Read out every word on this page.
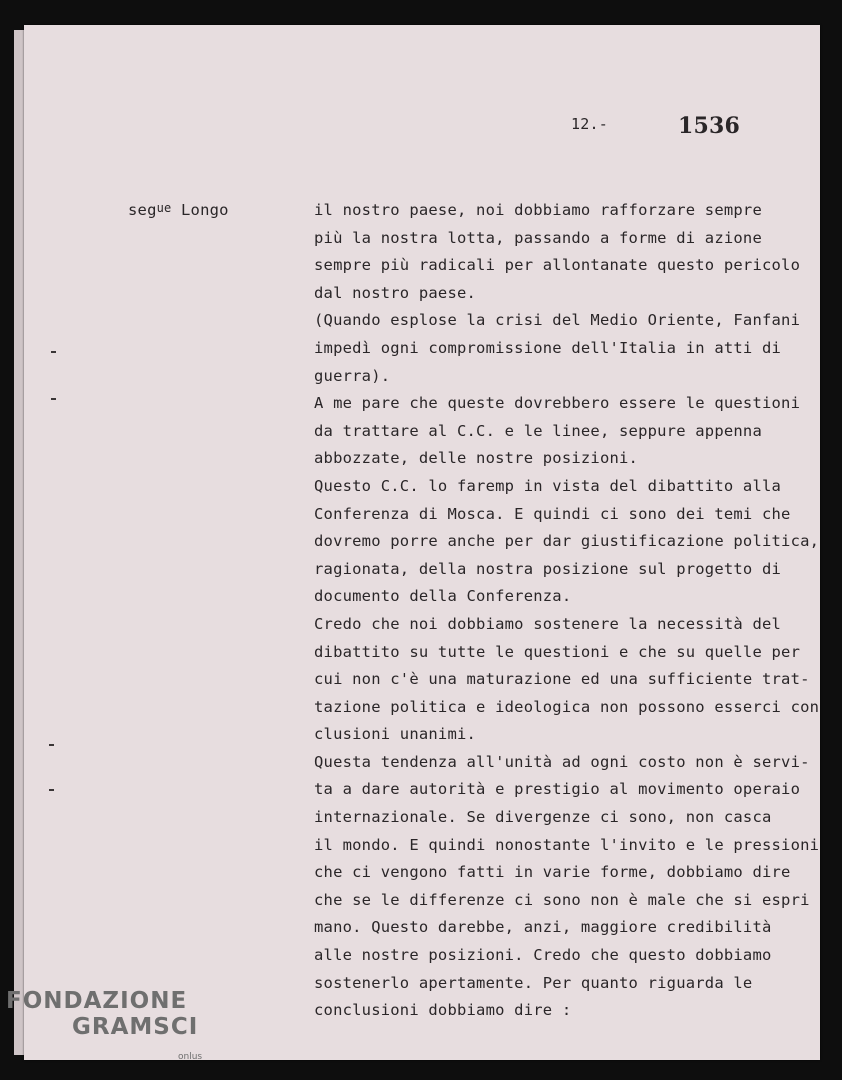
12.-	1536
segue Longo	il nostro paese, noi dobbiamo rafforzare sempre
più la nostra lotta, passando a forme di azione
sempre più radicali per allontanate questo pericolo
dal nostro paese.
(Quando esplose la crisi del Medio Oriente, Fanfani
impedì ogni compromissione dell'Italia in atti di
guerra).
A me pare che queste dovrebbero essere le questioni
da trattare al C.C. e le linee, seppure appenna
abbozzate, delle nostre posizioni.
Questo C.C. lo faremp in vista del dibattito alla
Conferenza di Mosca. E quindi ci sono dei temi che
dovremo porre anche per dar giustificazione politica,
ragionata, della nostra posizione sul progetto di
documento della Conferenza.
Credo che noi dobbiamo sostenere la necessità del
dibattito su tutte le questioni e che su quelle per
cui non c'è una maturazione ed una sufficiente trat-
tazione politica e ideologica non possono esserci con
clusioni unanimi.
Questa tendenza all'unità ad ogni costo non è servi-
ta a dare autorità e prestigio al movimento operaio
internazionale. Se divergenze ci sono, non casca
il mondo. E quindi nonostante l'invito e le pressioni
che ci vengono fatti in varie forme, dobbiamo dire
che se le differenze ci sono non è male che si espri
mano. Questo darebbe, anzi, maggiore credibilità
alle nostre posizioni. Credo che questo dobbiamo
sostenerlo apertamente. Per quanto riguarda le
conclusioni dobbiamo dire :
FONDAZIONE
GRAMSCI
onlus
